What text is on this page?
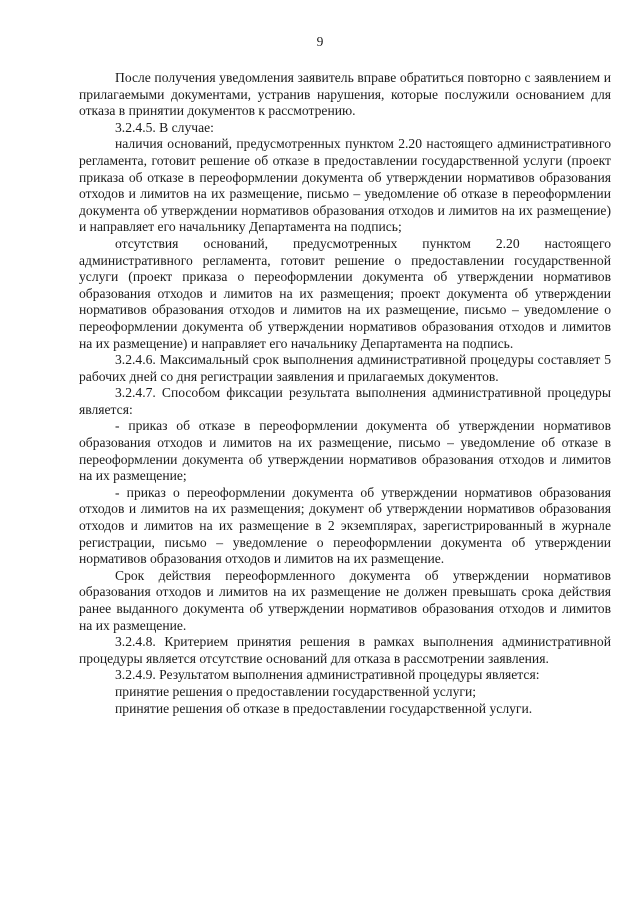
9

После получения уведомления заявитель вправе обратиться повторно с заявлением и прилагаемыми документами, устранив нарушения, которые послужили основанием для отказа в принятии документов к рассмотрению.

3.2.4.5. В случае:

наличия оснований, предусмотренных пунктом 2.20 настоящего административного регламента, готовит решение об отказе в предоставлении государственной услуги (проект приказа об отказе в переоформлении документа об утверждении нормативов образования отходов и лимитов на их размещение, письмо – уведомление об отказе в переоформлении документа об утверждении нормативов образования отходов и лимитов на их размещение) и направляет его начальнику Департамента на подпись;

отсутствия оснований, предусмотренных пунктом 2.20 настоящего административного регламента, готовит решение о предоставлении государственной услуги (проект приказа о переоформлении документа об утверждении нормативов образования отходов и лимитов на их размещения; проект документа об утверждении нормативов образования отходов и лимитов на их размещение, письмо – уведомление о переоформлении документа об утверждении нормативов образования отходов и лимитов на их размещение) и направляет его начальнику Департамента на подпись.

3.2.4.6. Максимальный срок выполнения административной процедуры составляет 5 рабочих дней со дня регистрации заявления и прилагаемых документов.

3.2.4.7. Способом фиксации результата выполнения административной процедуры является:

- приказ об отказе в переоформлении документа об утверждении нормативов образования отходов и лимитов на их размещение, письмо – уведомление об отказе в переоформлении документа об утверждении нормативов образования отходов и лимитов на их размещение;

- приказ о переоформлении документа об утверждении нормативов образования отходов и лимитов на их размещения; документ об утверждении нормативов образования отходов и лимитов на их размещение в 2 экземплярах, зарегистрированный в журнале регистрации, письмо – уведомление о переоформлении документа об утверждении нормативов образования отходов и лимитов на их размещение.

Срок действия переоформленного документа об утверждении нормативов образования отходов и лимитов на их размещение не должен превышать срока действия ранее выданного документа об утверждении нормативов образования отходов и лимитов на их размещение.

3.2.4.8. Критерием принятия решения в рамках выполнения административной процедуры является отсутствие оснований для отказа в рассмотрении заявления.

3.2.4.9. Результатом выполнения административной процедуры является:

принятие решения о предоставлении государственной услуги;

принятие решения об отказе в предоставлении государственной услуги.
